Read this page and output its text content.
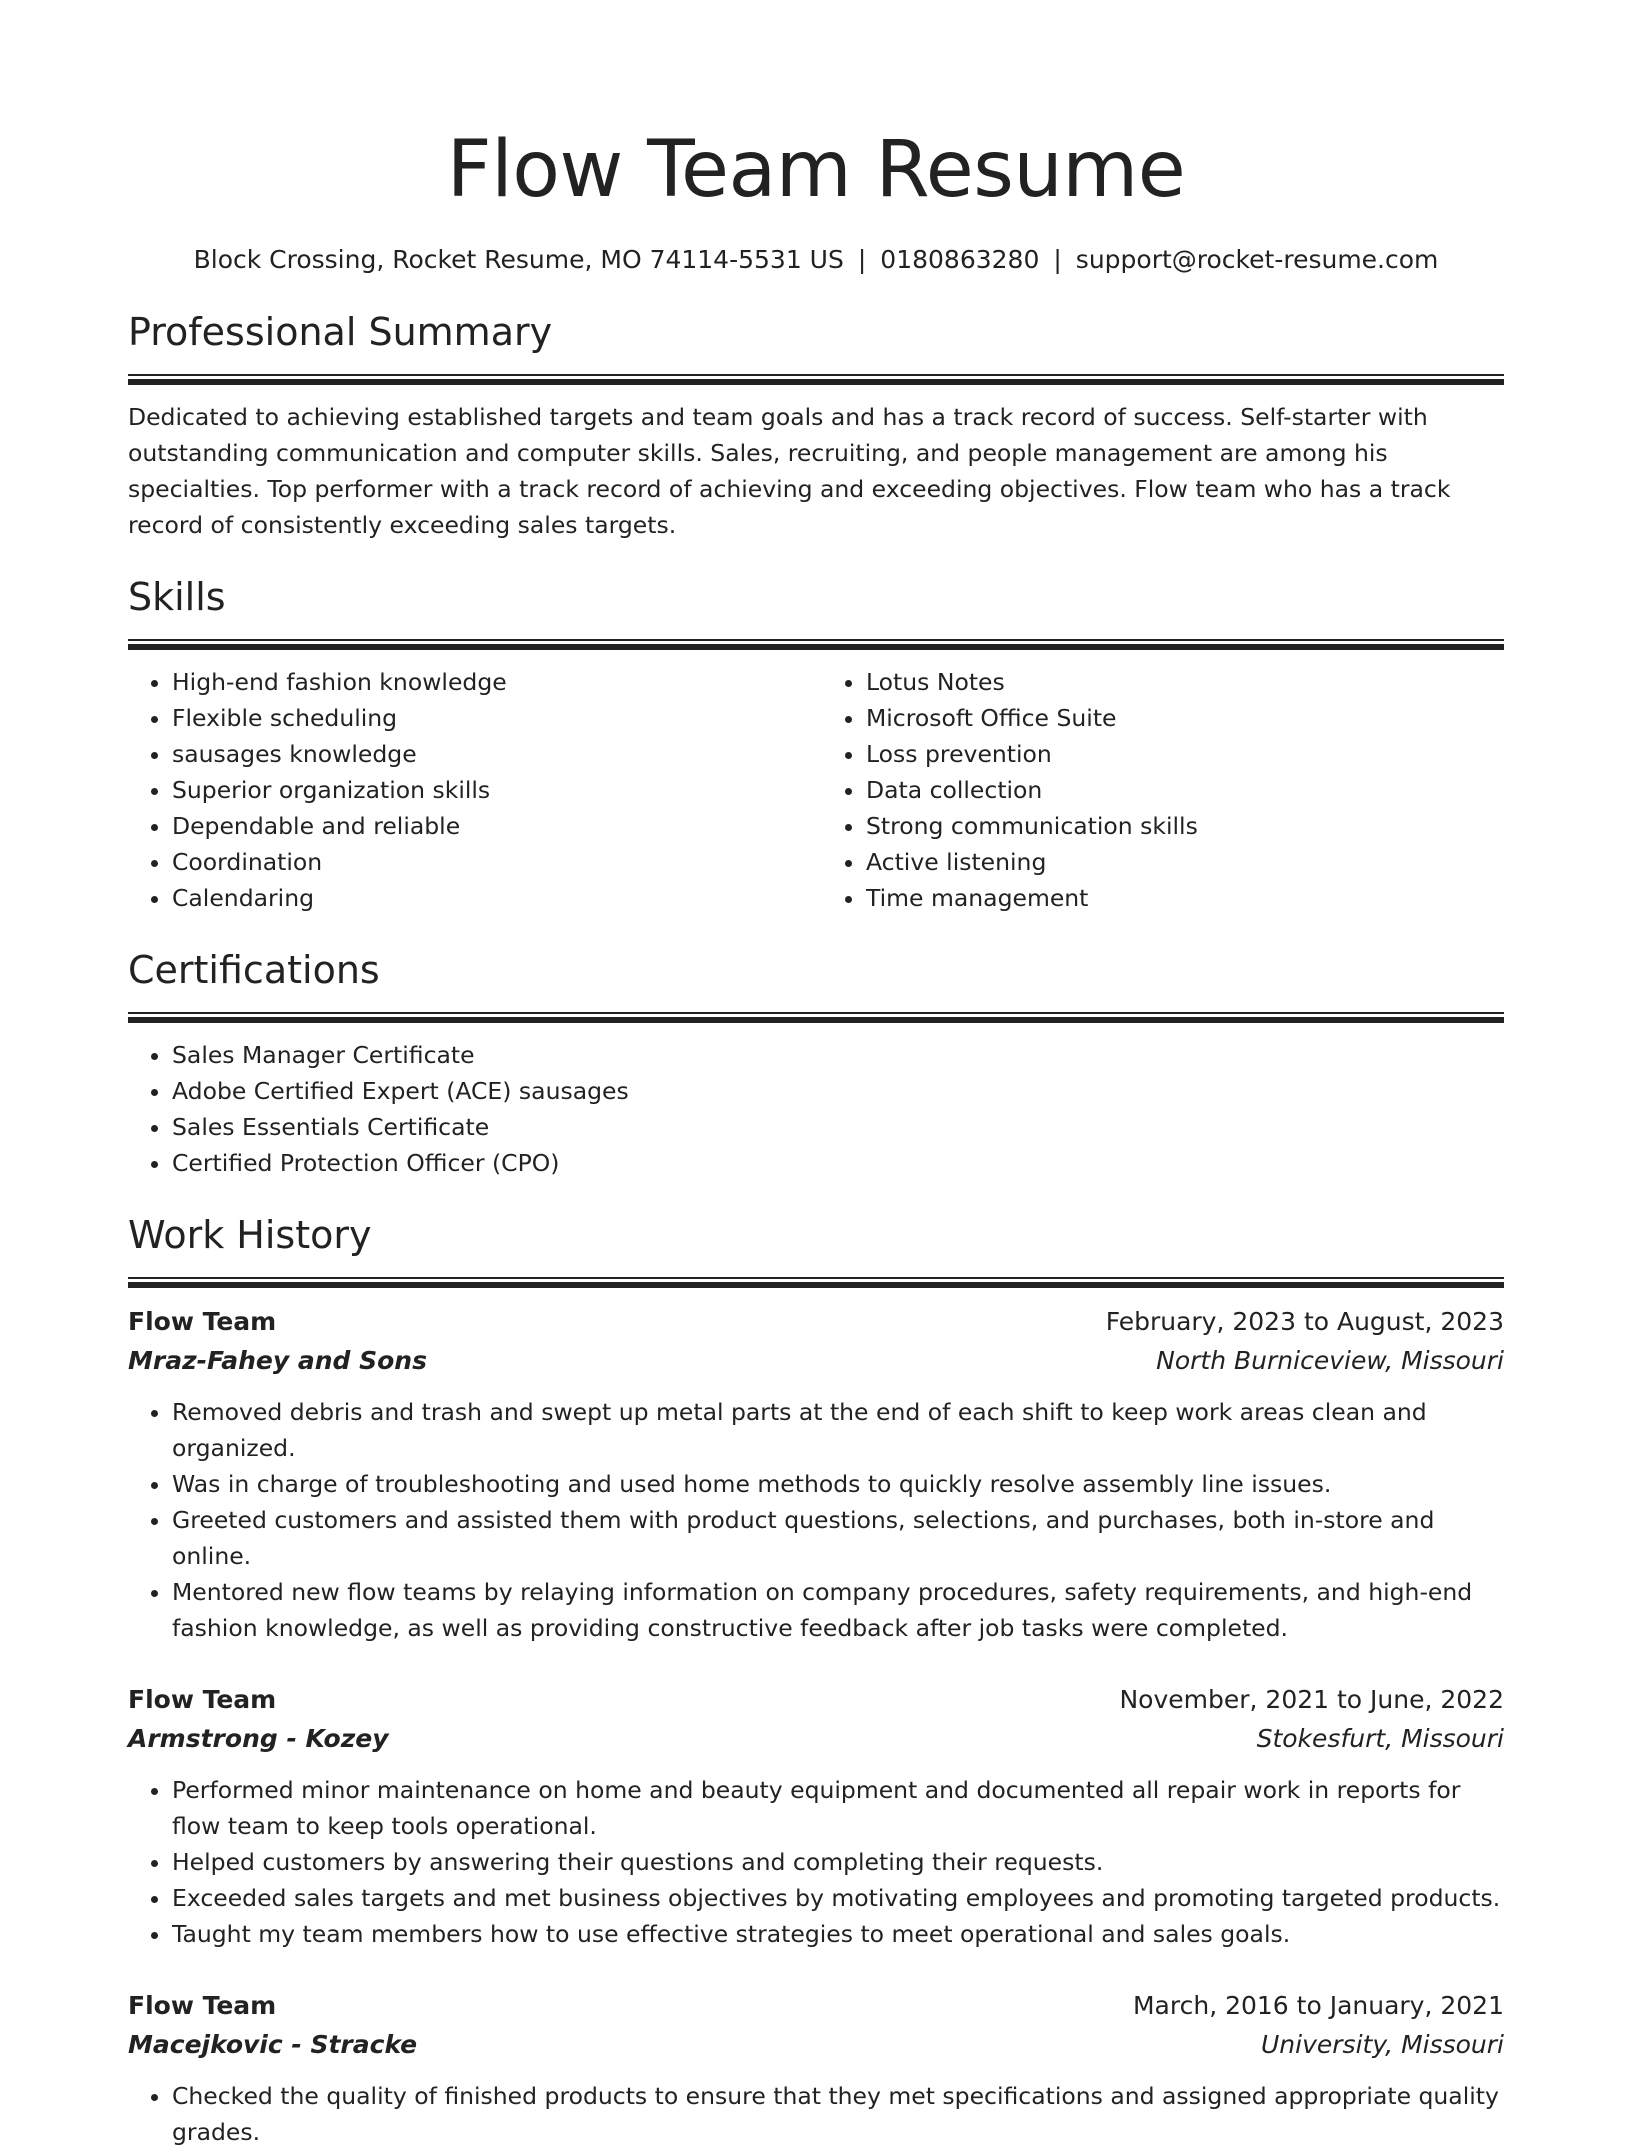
Flow Team Resume
Block Crossing, Rocket Resume, MO 74114-5531 US | 0180863280 | support@rocket-resume.com
Professional Summary
Dedicated to achieving established targets and team goals and has a track record of success. Self-starter with outstanding communication and computer skills. Sales, recruiting, and people management are among his specialties. Top performer with a track record of achieving and exceeding objectives. Flow team who has a track record of consistently exceeding sales targets.
Skills
• High-end fashion knowledge
• Flexible scheduling
• sausages knowledge
• Superior organization skills
• Dependable and reliable
• Coordination
• Calendaring
• Lotus Notes
• Microsoft Office Suite
• Loss prevention
• Data collection
• Strong communication skills
• Active listening
• Time management
Certifications
• Sales Manager Certificate
• Adobe Certified Expert (ACE) sausages
• Sales Essentials Certificate
• Certified Protection Officer (CPO)
Work History
Flow Team	February, 2023 to August, 2023
Mraz-Fahey and Sons	North Burniceview, Missouri
• Removed debris and trash and swept up metal parts at the end of each shift to keep work areas clean and organized.
• Was in charge of troubleshooting and used home methods to quickly resolve assembly line issues.
• Greeted customers and assisted them with product questions, selections, and purchases, both in-store and online.
• Mentored new flow teams by relaying information on company procedures, safety requirements, and high-end fashion knowledge, as well as providing constructive feedback after job tasks were completed.
Flow Team	November, 2021 to June, 2022
Armstrong - Kozey	Stokesfurt, Missouri
• Performed minor maintenance on home and beauty equipment and documented all repair work in reports for flow team to keep tools operational.
• Helped customers by answering their questions and completing their requests.
• Exceeded sales targets and met business objectives by motivating employees and promoting targeted products.
• Taught my team members how to use effective strategies to meet operational and sales goals.
Flow Team	March, 2016 to January, 2021
Macejkovic - Stracke	University, Missouri
• Checked the quality of finished products to ensure that they met specifications and assigned appropriate quality grades.
